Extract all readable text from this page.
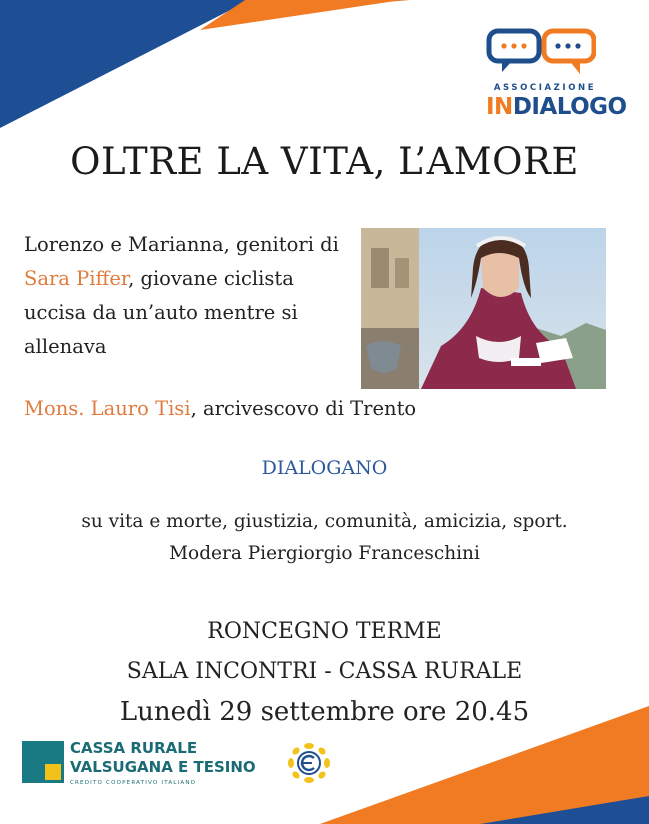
ASSOCIAZIONE
INDIALOGO
OLTRE LA VITA, L’AMORE
Lorenzo e Marianna, genitori di Sara Piffer, giovane ciclista uccisa da un’auto mentre si allenava
Mons. Lauro Tisi, arcivescovo di Trento
DIALOGANO
su vita e morte, giustizia, comunità, amicizia, sport.
Modera Piergiorgio Franceschini
RONCEGNO TERME
SALA INCONTRI - CASSA RURALE
Lunedì 29 settembre ore 20.45
CASSA RURALE
VALSUGANA E TESINO
CREDITO COOPERATIVO ITALIANO
